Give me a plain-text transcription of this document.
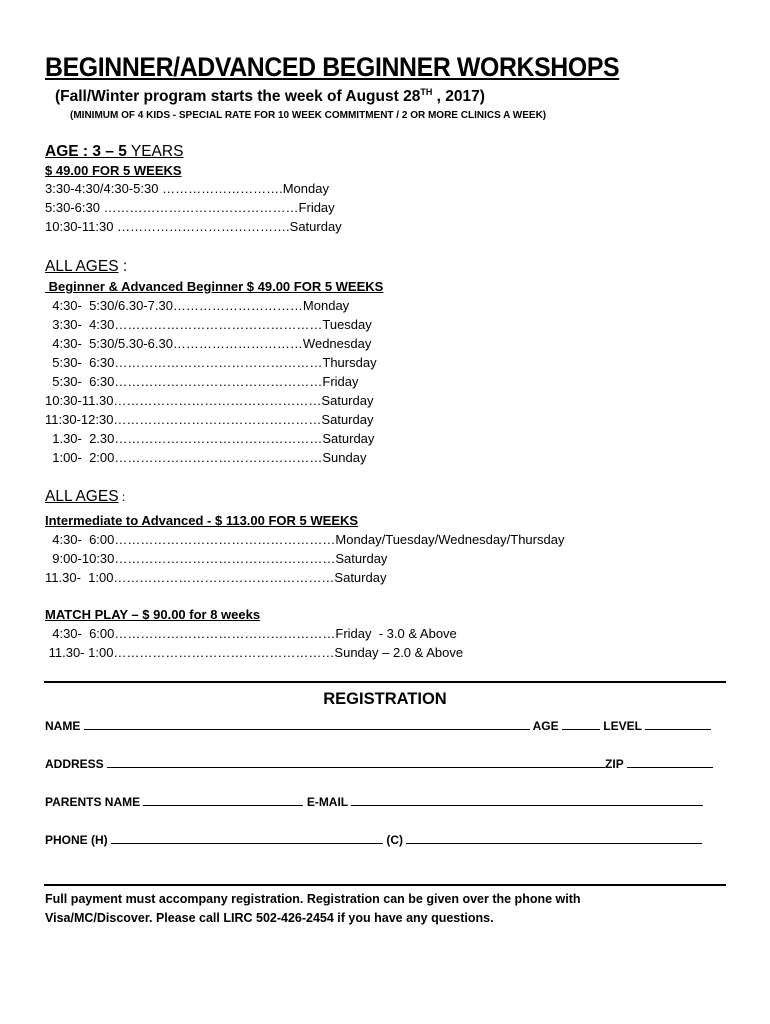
BEGINNER/ADVANCED BEGINNER WORKSHOPS
(Fall/Winter program starts the week of August 28TH , 2017)
(MINIMUM OF 4 KIDS - SPECIAL RATE FOR 10 WEEK COMMITMENT / 2 OR MORE CLINICS A WEEK)
AGE : 3 – 5 YEARS
$ 49.00 FOR 5 WEEKS
3:30-4:30/4:30-5:30 ……………………….Monday
5:30-6:30 ………………………………………Friday
10:30-11:30 ………………………………….Saturday
ALL AGES :
Beginner & Advanced Beginner $ 49.00 FOR 5 WEEKS
4:30-  5:30/6.30-7.30…………………………Monday
3:30-  4:30…………………………………………Tuesday
4:30-  5:30/5.30-6.30…………………………Wednesday
5:30-  6:30…………………………………………Thursday
5:30-  6:30…………………………………………Friday
10:30-11.30…………………………………………Saturday
11:30-12:30…………………………………………Saturday
1.30-  2.30…………………………………………Saturday
1:00-  2:00…………………………………………Sunday
ALL AGES :
Intermediate to Advanced - $ 113.00 FOR 5 WEEKS
4:30-  6:00……………………………………………Monday/Tuesday/Wednesday/Thursday
9:00-10:30……………………………………………Saturday
11.30-  1:00……………………………………………Saturday
MATCH PLAY – $ 90.00 for 8 weeks
4:30-  6:00……………………………………………Friday  - 3.0 & Above
11.30- 1:00……………………………………………Sunday – 2.0 & Above
REGISTRATION
NAME	AGE	LEVEL
ADDRESS	ZIP
PARENTS NAME	E-MAIL
PHONE (H)	(C)
Full payment must accompany registration. Registration can be given over the phone with Visa/MC/Discover. Please call LIRC 502-426-2454 if you have any questions.
